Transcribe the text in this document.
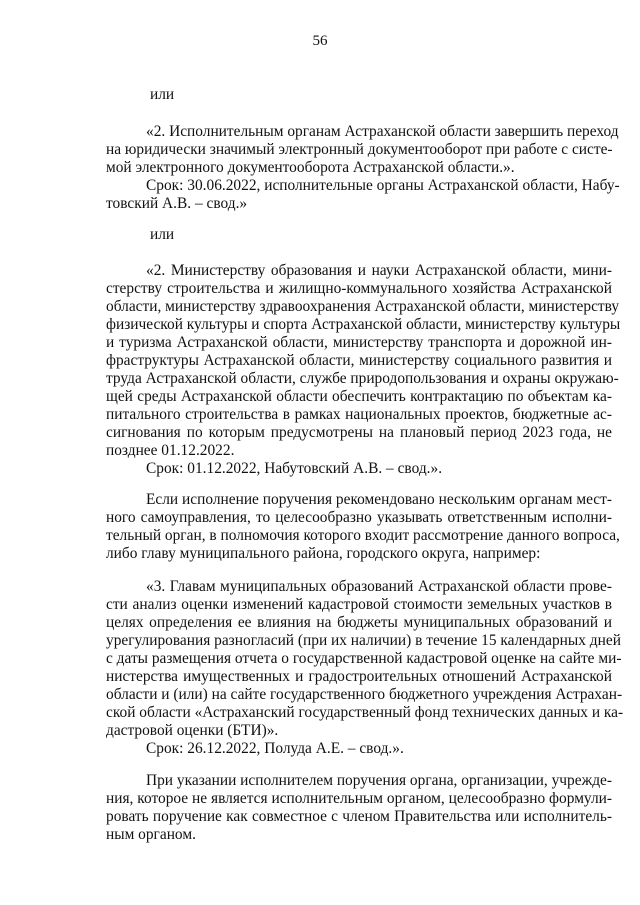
56
или
«2. Исполнительным органам Астраханской области завершить переход
на юридически значимый электронный документооборот при работе с систе-
мой электронного документооборота Астраханской области.».
Срок: 30.06.2022, исполнительные органы Астраханской области, Набу-
товский А.В. – свод.»
или
«2. Министерству образования и науки Астраханской области, мини-
стерству строительства и жилищно-коммунального хозяйства Астраханской
области, министерству здравоохранения Астраханской области, министерству
физической культуры и спорта Астраханской области, министерству культуры
и туризма Астраханской области, министерству транспорта и дорожной ин-
фраструктуры Астраханской области, министерству социального развития и
труда Астраханской области, службе природопользования и охраны окружаю-
щей среды Астраханской области обеспечить контрактацию по объектам ка-
питального строительства в рамках национальных проектов, бюджетные ас-
сигнования по которым предусмотрены на плановый период 2023 года, не
позднее 01.12.2022.
Срок: 01.12.2022, Набутовский А.В. – свод.».
Если исполнение поручения рекомендовано нескольким органам мест-
ного самоуправления, то целесообразно указывать ответственным исполни-
тельный орган, в полномочия которого входит рассмотрение данного вопроса,
либо главу муниципального района, городского округа, например:
«3. Главам муниципальных образований Астраханской области прове-
сти анализ оценки изменений кадастровой стоимости земельных участков в
целях определения ее влияния на бюджеты муниципальных образований и
урегулирования разногласий (при их наличии) в течение 15 календарных дней
с даты размещения отчета о государственной кадастровой оценке на сайте ми-
нистерства имущественных и градостроительных отношений Астраханской
области и (или) на сайте государственного бюджетного учреждения Астрахан-
ской области «Астраханский государственный фонд технических данных и ка-
дастровой оценки (БТИ)».
Срок: 26.12.2022, Полуда А.Е. – свод.».
При указании исполнителем поручения органа, организации, учрежде-
ния, которое не является исполнительным органом, целесообразно формули-
ровать поручение как совместное с членом Правительства или исполнитель-
ным органом.
